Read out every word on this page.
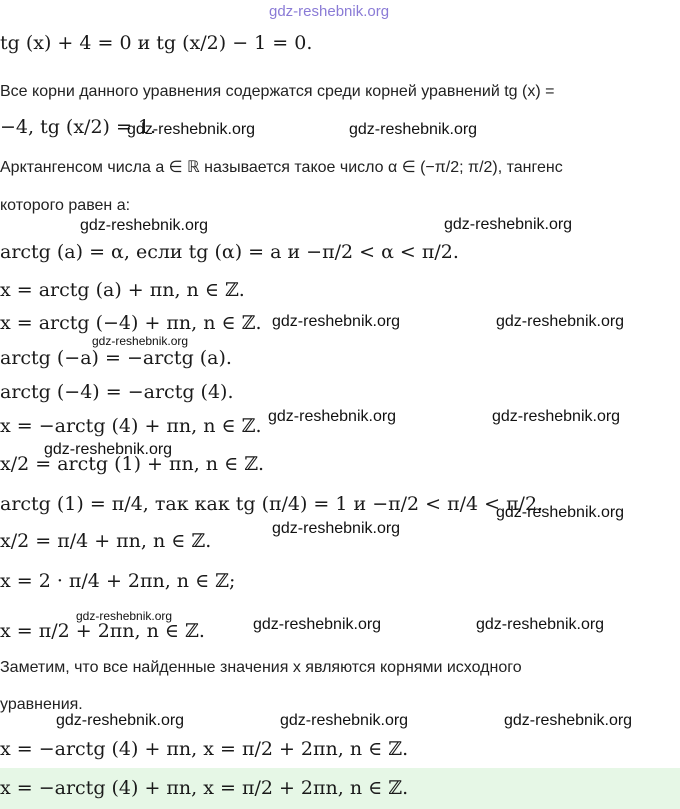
tg (x) + 4 = 0 и tg (x/2) − 1 = 0.
Все корни данного уравнения содержатся среди корней уравнений tg (x) =
−4, tg (x/2) = 1.
Арктангенсом числа a ∈ ℝ называется такое число α ∈ (−π/2; π/2), тангенс
которого равен a:
arctg (a) = α, если tg (α) = a и −π/2 < α < π/2.
x = arctg (a) + πn, n ∈ ℤ.
x = arctg (−4) + πn, n ∈ ℤ.
arctg (−a) = −arctg (a).
arctg (−4) = −arctg (4).
x = −arctg (4) + πn, n ∈ ℤ.
x/2 = arctg (1) + πn, n ∈ ℤ.
arctg (1) = π/4, так как tg (π/4) = 1 и −π/2 < π/4 < π/2.
x/2 = π/4 + πn, n ∈ ℤ.
x = 2 · π/4 + 2πn, n ∈ ℤ;
x = π/2 + 2πn, n ∈ ℤ.
Заметим, что все найденные значения x являются корнями исходного
уравнения.
x = −arctg (4) + πn, x = π/2 + 2πn, n ∈ ℤ.
x = −arctg (4) + πn, x = π/2 + 2πn, n ∈ ℤ.
gdz-reshebnik.org
gdz-reshebnik.org	gdz-reshebnik.org
gdz-reshebnik.org	gdz-reshebnik.org
gdz-reshebnik.org	gdz-reshebnik.org
gdz-reshebnik.org
gdz-reshebnik.org	gdz-reshebnik.org
gdz-reshebnik.org
gdz-reshebnik.org
gdz-reshebnik.org
gdz-reshebnik.org	gdz-reshebnik.org	gdz-reshebnik.org
gdz-reshebnik.org	gdz-reshebnik.org	gdz-reshebnik.org
